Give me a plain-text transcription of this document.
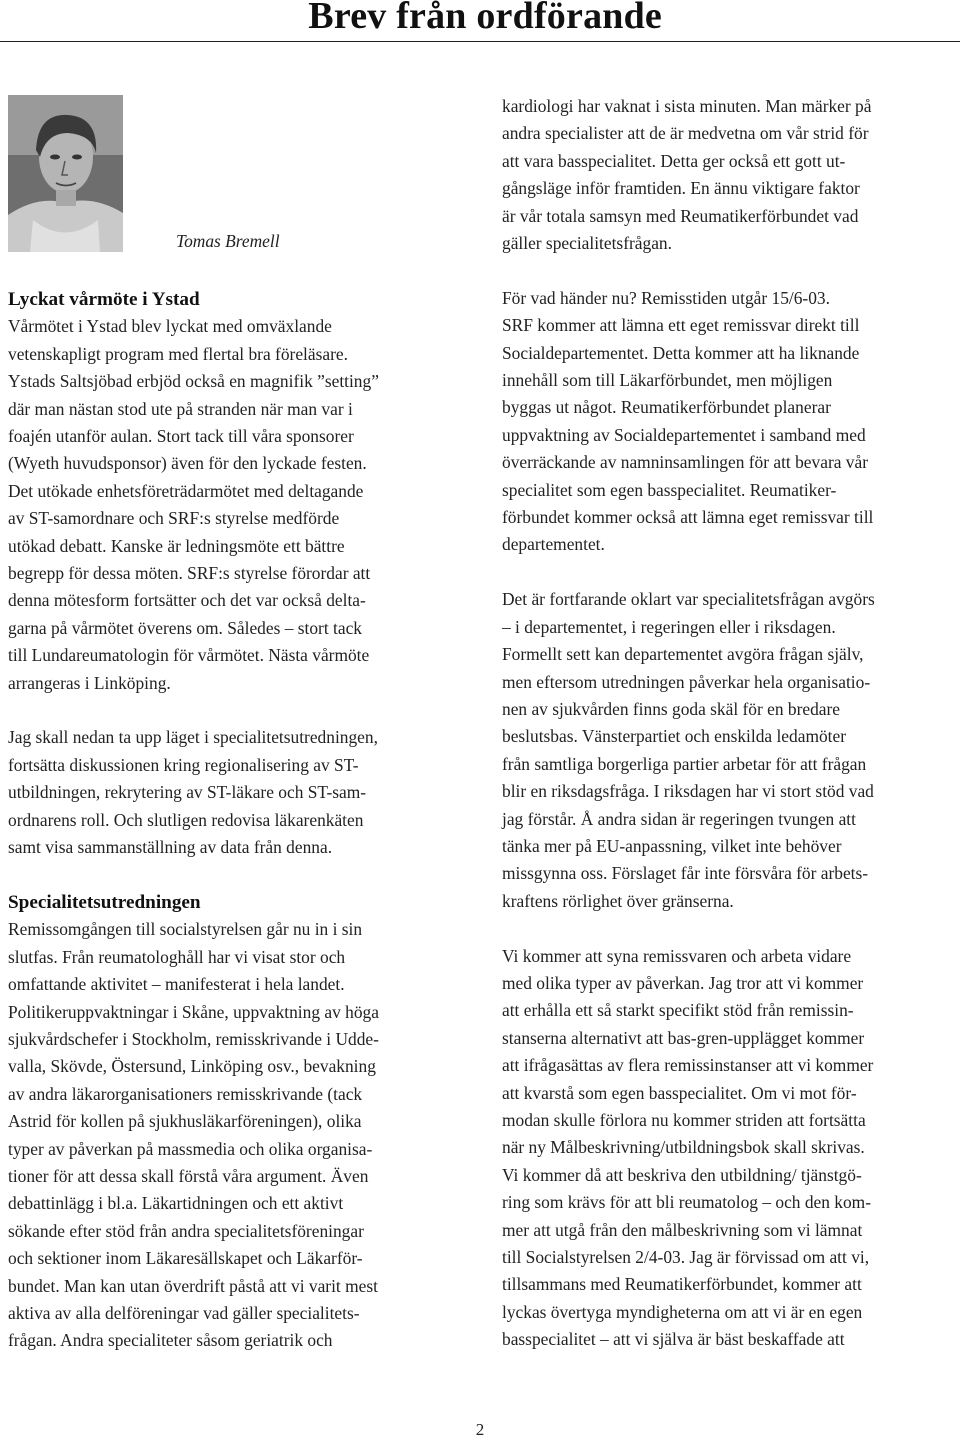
Brev från ordförande
Tomas Bremell
Lyckat vårmöte i Ystad

Vårmötet i Ystad blev lyckat med omväxlande
vetenskapligt program med flertal bra föreläsare.
Ystads Saltsjöbad erbjöd också en magnifik ”setting”
där man nästan stod ute på stranden när man var i
foajén utanför aulan. Stort tack till våra sponsorer
(Wyeth huvudsponsor) även för den lyckade festen.
Det utökade enhetsföreträdarmötet med deltagande
av ST-samordnare och SRF:s styrelse medförde
utökad debatt. Kanske är ledningsmöte ett bättre
begrepp för dessa möten. SRF:s styrelse förordar att
denna mötesform fortsätter och det var också delta-
garna på vårmötet överens om. Således – stort tack
till Lundareumatologin för vårmötet. Nästa vårmöte
arrangeras i Linköping.

Jag skall nedan ta upp läget i specialitetsutredningen,
fortsätta diskussionen kring regionalisering av ST-
utbildningen, rekrytering av ST-läkare och ST-sam-
ordnarens roll. Och slutligen redovisa läkarenkäten
samt visa sammanställning av data från denna.

Specialitetsutredningen

Remissomgången till socialstyrelsen går nu in i sin
slutfas. Från reumatologhåll har vi visat stor och
omfattande aktivitet – manifesterat i hela landet.
Politikeruppvaktningar i Skåne, uppvaktning av höga
sjukvårdschefer i Stockholm, remisskrivande i Udde-
valla, Skövde, Östersund, Linköping osv., bevakning
av andra läkarorganisationers remisskrivande (tack
Astrid för kollen på sjukhusläkarföreningen), olika
typer av påverkan på massmedia och olika organisa-
tioner för att dessa skall förstå våra argument. Även
debattinlägg i bl.a. Läkartidningen och ett aktivt
sökande efter stöd från andra specialitetsföreningar
och sektioner inom Läkaresällskapet och Läkarför-
bundet. Man kan utan överdrift påstå att vi varit mest
aktiva av alla delföreningar vad gäller specialitets-
frågan. Andra specialiteter såsom geriatrik och

kardiologi har vaknat i sista minuten. Man märker på
andra specialister att de är medvetna om vår strid för
att vara basspecialitet. Detta ger också ett gott ut-
gångsläge inför framtiden. En ännu viktigare faktor
är vår totala samsyn med Reumatikerförbundet vad
gäller specialitetsfrågan.

För vad händer nu? Remisstiden utgår 15/6-03.
SRF kommer att lämna ett eget remissvar direkt till
Socialdepartementet. Detta kommer att ha liknande
innehåll som till Läkarförbundet, men möjligen
byggas ut något. Reumatikerförbundet planerar
uppvaktning av Socialdepartementet i samband med
överräckande av namninsamlingen för att bevara vår
specialitet som egen basspecialitet. Reumatiker-
förbundet kommer också att lämna eget remissvar till
departementet.

Det är fortfarande oklart var specialitetsfrågan avgörs
– i departementet, i regeringen eller i riksdagen.
Formellt sett kan departementet avgöra frågan själv,
men eftersom utredningen påverkar hela organisatio-
nen av sjukvården finns goda skäl för en bredare
beslutsbas. Vänsterpartiet och enskilda ledamöter
från samtliga borgerliga partier arbetar för att frågan
blir en riksdagsfråga. I riksdagen har vi stort stöd vad
jag förstår. Å andra sidan är regeringen tvungen att
tänka mer på EU-anpassning, vilket inte behöver
missgynna oss. Förslaget får inte försvåra för arbets-
kraftens rörlighet över gränserna.

Vi kommer att syna remissvaren och arbeta vidare
med olika typer av påverkan. Jag tror att vi kommer
att erhålla ett så starkt specifikt stöd från remissin-
stanserna alternativt att bas-gren-upplägget kommer
att ifrågasättas av flera remissinstanser att vi kommer
att kvarstå som egen basspecialitet. Om vi mot för-
modan skulle förlora nu kommer striden att fortsätta
när ny Målbeskrivning/utbildningsbok skall skrivas.
Vi kommer då att beskriva den utbildning/ tjänstgö-
ring som krävs för att bli reumatolog – och den kom-
mer att utgå från den målbeskrivning som vi lämnat
till Socialstyrelsen 2/4-03. Jag är förvissad om att vi,
tillsammans med Reumatikerförbundet, kommer att
lyckas övertyga myndigheterna om att vi är en egen
basspecialitet – att vi själva är bäst beskaffade att

2
